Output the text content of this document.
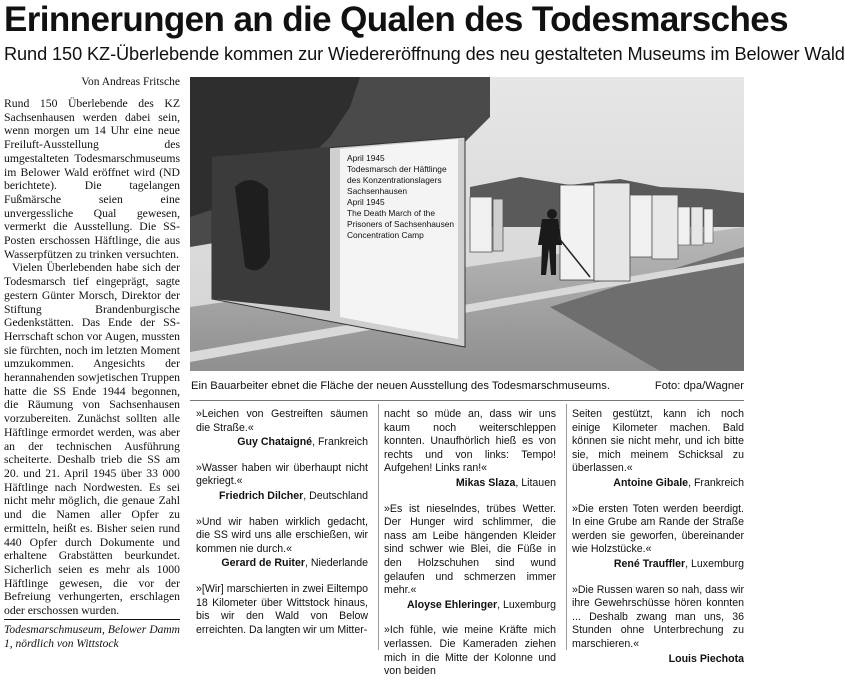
Erinnerungen an die Qualen des Todesmarsches
Rund 150 KZ-Überlebende kommen zur Wiedereröffnung des neu gestalteten Museums im Belower Wald
Von Andreas Fritsche

Rund 150 Überlebende des KZ Sachsenhausen werden dabei sein, wenn morgen um 14 Uhr eine neue Freiluft-Ausstellung des umgestalteten Todesmarschmuseums im Belower Wald eröffnet wird (ND berichtete). Die tagelangen Fußmärsche seien eine unvergessliche Qual gewesen, vermerkt die Ausstellung. Die SS-Posten erschossen Häftlinge, die aus Wasserpfützen zu trinken versuchten.

Vielen Überlebenden habe sich der Todesmarsch tief eingeprägt, sagte gestern Günter Morsch, Direktor der Stiftung Brandenburgische Gedenkstätten. Das Ende der SS-Herrschaft schon vor Augen, mussten sie fürchten, noch im letzten Moment umzukommen. Angesichts der herannahenden sowjetischen Truppen hatte die SS Ende 1944 begonnen, die Räumung von Sachsenhausen vorzubereiten. Zunächst sollten alle Häftlinge ermordet werden, was aber an der technischen Ausführung scheiterte. Deshalb trieb die SS am 20. und 21. April 1945 über 33 000 Häftlinge nach Nordwesten. Es sei nicht mehr möglich, die genaue Zahl und die Namen aller Opfer zu ermitteln, heißt es. Bisher seien rund 440 Opfer durch Dokumente und erhaltene Grabstätten beurkundet. Sicherlich seien es mehr als 1000 Häftlinge gewesen, die vor der Befreiung verhungerten, erschlagen oder erschossen wurden.

Todesmarschmuseum, Belower Damm 1, nördlich von Wittstock
April 1945
Todesmarsch der Häftlinge
des Konzentrationslagers
Sachsenhausen
April 1945
The Death March of the
Prisoners of Sachsenhausen
Concentration Camp
Ein Bauarbeiter ebnet die Fläche der neuen Ausstellung des Todesmarschmuseums.	Foto: dpa/Wagner
»Leichen von Gestreiften säumen die Straße.«
Guy Chataigné, Frankreich
»Wasser haben wir überhaupt nicht gekriegt.«
Friedrich Dilcher, Deutschland
»Und wir haben wirklich gedacht, die SS wird uns alle erschießen, wir kommen nie durch.«
Gerard de Ruiter, Niederlande
»[Wir] marschierten in zwei Eiltempo 18 Kilometer über Wittstock hinaus, bis wir den Wald von Below erreichten. Da langten wir um Mitter-
nacht so müde an, dass wir uns kaum noch weiterschleppen konnten. Unaufhörlich hieß es von rechts und von links: Tempo! Aufgehen! Links ran!«
Mikas Slaza, Litauen
»Es ist nieselndes, trübes Wetter. Der Hunger wird schlimmer, die nass am Leibe hängenden Kleider sind schwer wie Blei, die Füße in den Holzschuhen sind wund gelaufen und schmerzen immer mehr.«
Aloyse Ehleringer, Luxemburg
»Ich fühle, wie meine Kräfte mich verlassen. Die Kameraden ziehen mich in die Mitte der Kolonne und von beiden
Seiten gestützt, kann ich noch einige Kilometer machen. Bald können sie nicht mehr, und ich bitte sie, mich meinem Schicksal zu überlassen.«
Antoine Gibale, Frankreich
»Die ersten Toten werden beerdigt. In eine Grube am Rande der Straße werden sie geworfen, übereinander wie Holzstücke.«
René Trauffler, Luxemburg
»Die Russen waren so nah, dass wir ihre Gewehrschüsse hören konnten ... Deshalb zwang man uns, 36 Stunden ohne Unterbrechung zu marschieren.«
Louis Piechota
